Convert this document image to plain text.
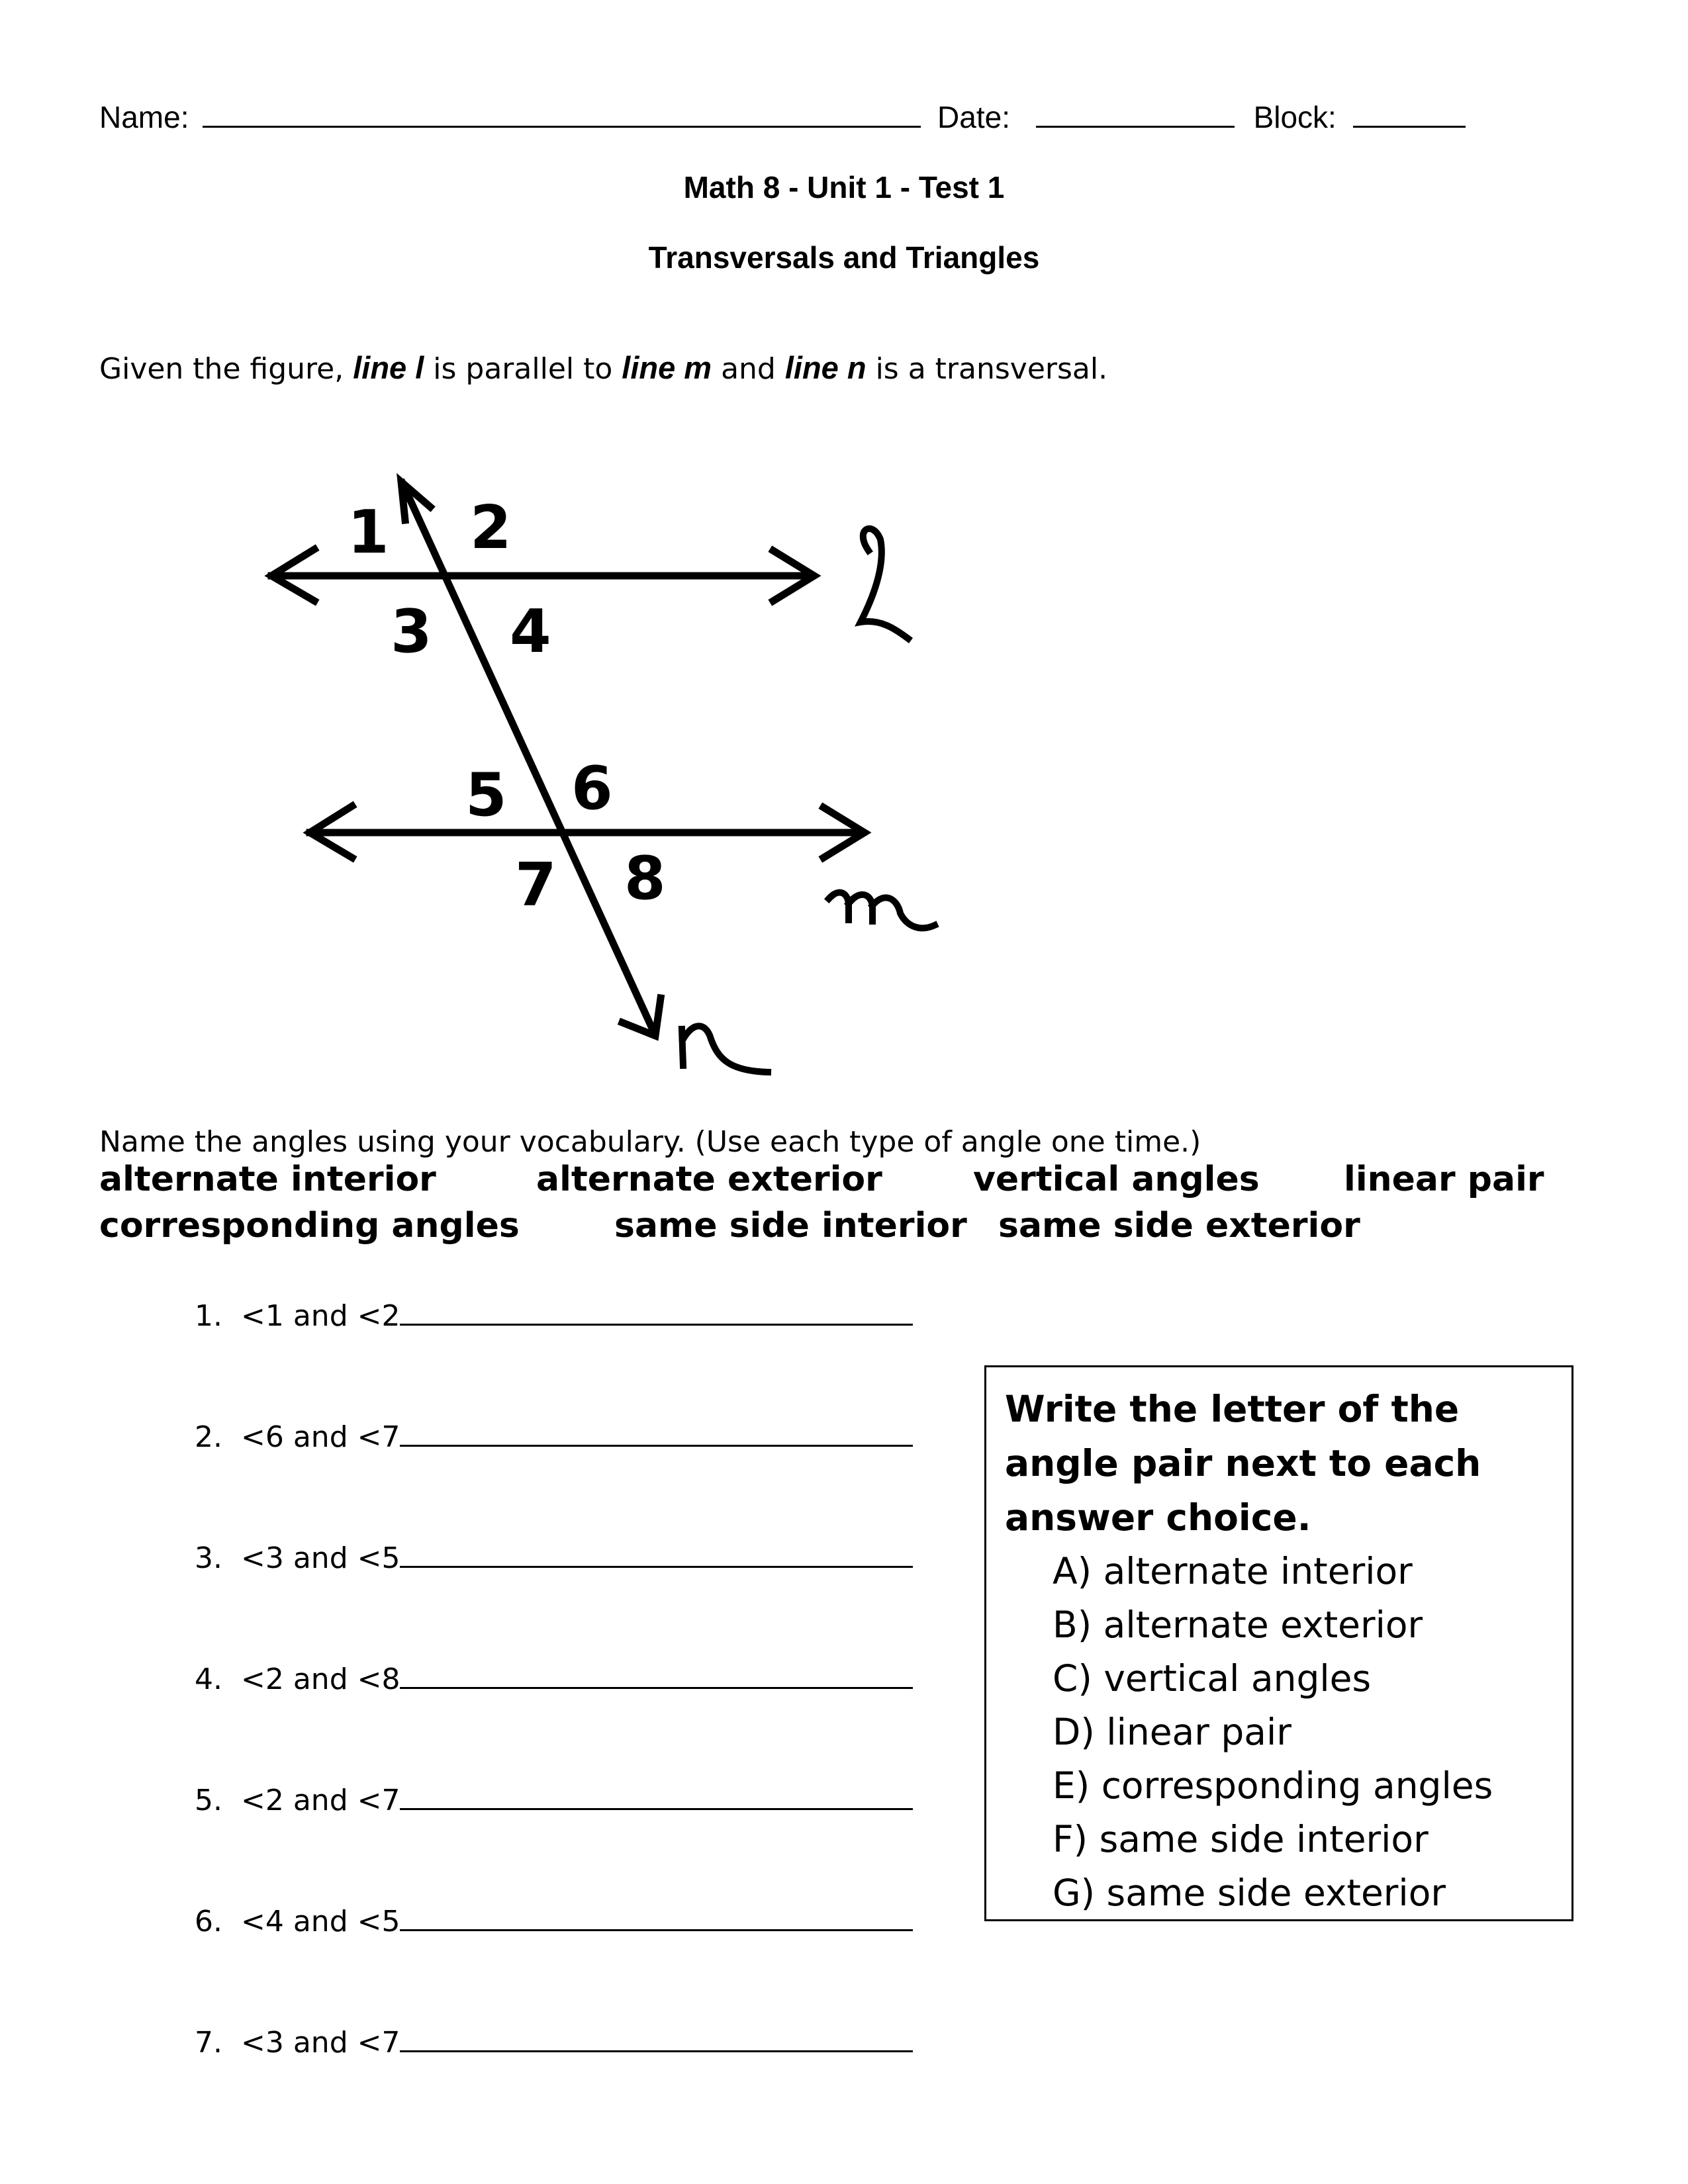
Name:	Date:	Block:
Math 8 - Unit 1 - Test 1
Transversals and Triangles
Given the figure, line l is parallel to line m and line n is a transversal.
1 2
3 4
5 6
7 8
Name the angles using your vocabulary. (Use each type of angle one time.)
alternate interior	alternate exterior	vertical angles linear pair
corresponding angles	same side interior same side exterior
1. <1 and <2
2. <6 and <7
3. <3 and <5
4. <2 and <8
5. <2 and <7
6. <4 and <5
7. <3 and <7
Write the letter of the angle pair next to each answer choice.
A) alternate interior
B) alternate exterior
C) vertical angles
D) linear pair
E) corresponding angles
F) same side interior
G) same side exterior
